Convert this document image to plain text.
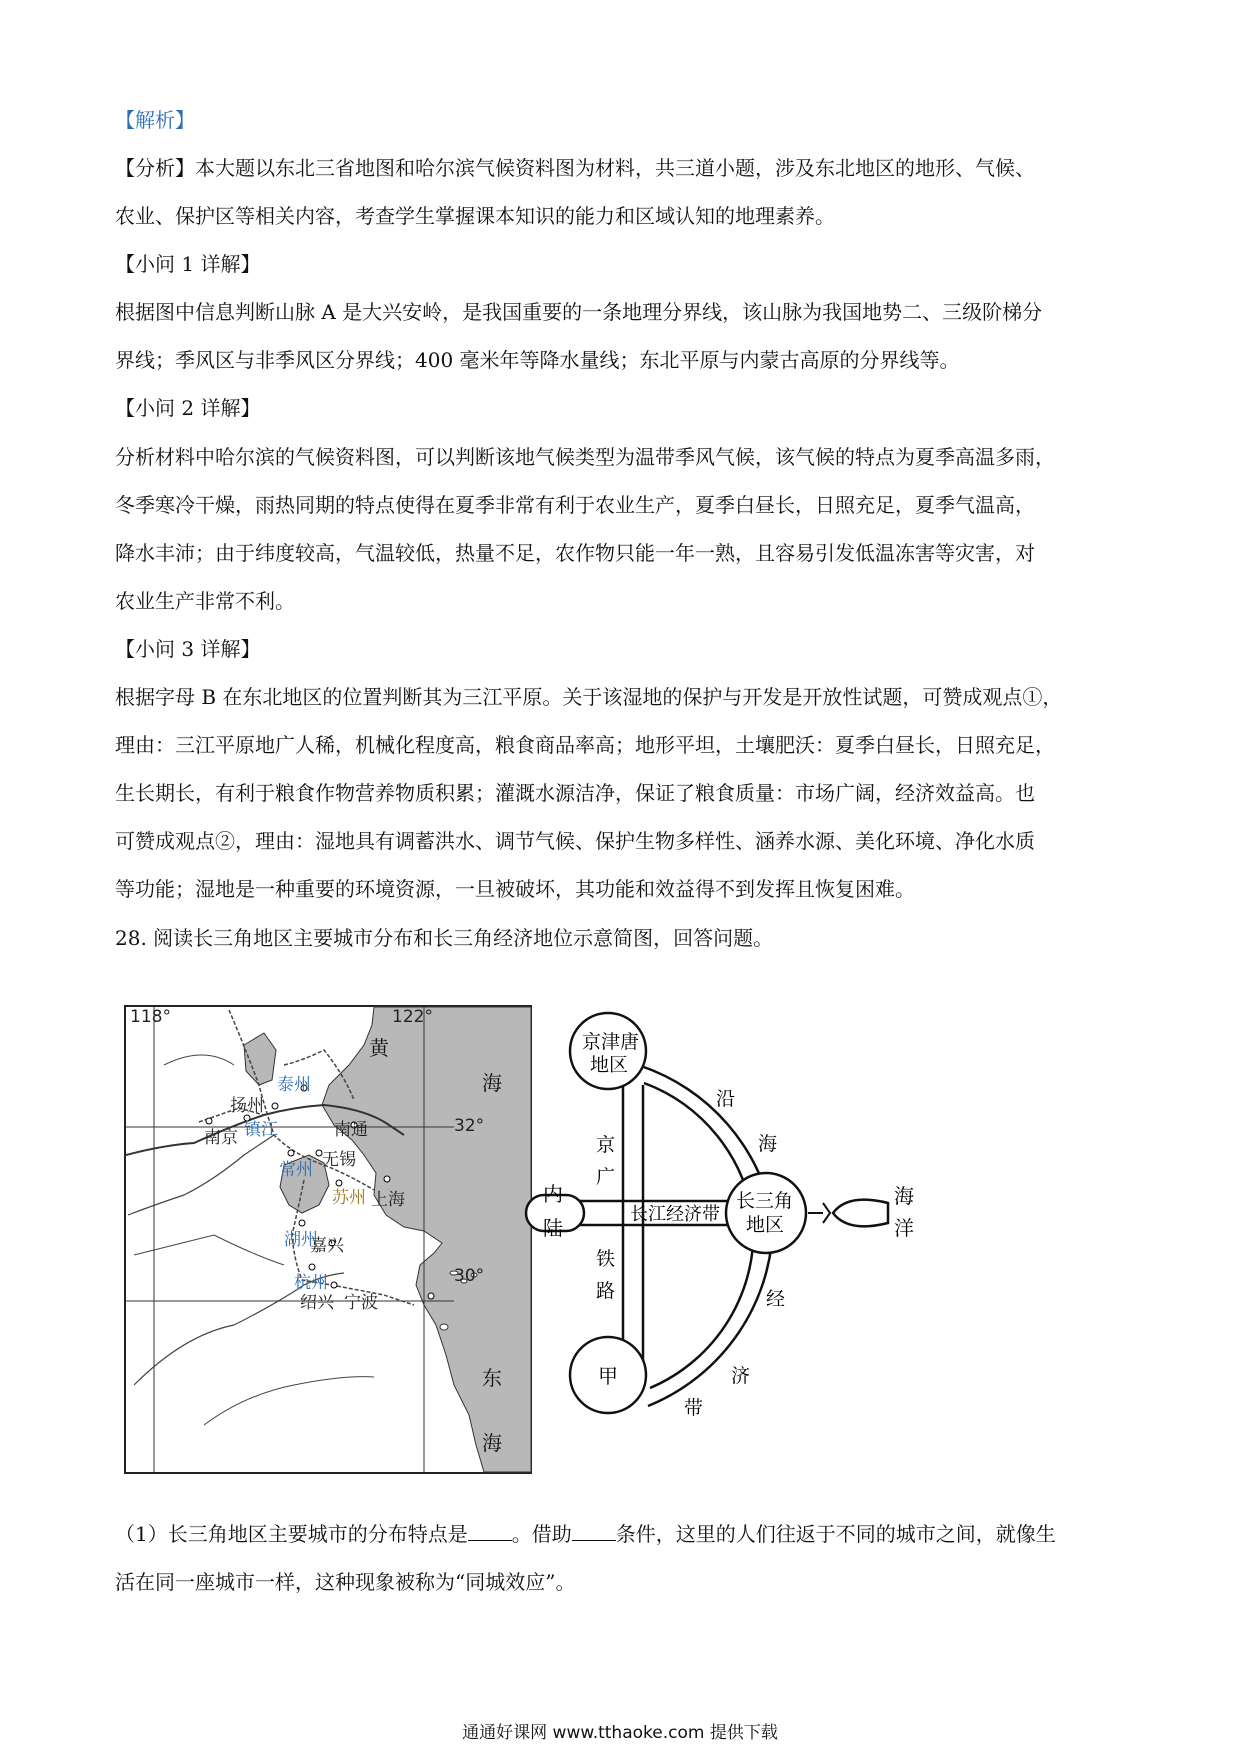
【解析】
【分析】本大题以东北三省地图和哈尔滨气候资料图为材料，共三道小题，涉及东北地区的地形、气候、
农业、保护区等相关内容，考查学生掌握课本知识的能力和区域认知的地理素养。
【小问 1 详解】
根据图中信息判断山脉 A 是大兴安岭，是我国重要的一条地理分界线，该山脉为我国地势二、三级阶梯分
界线；季风区与非季风区分界线；400 毫米年等降水量线；东北平原与内蒙古高原的分界线等。
【小问 2 详解】
分析材料中哈尔滨的气候资料图，可以判断该地气候类型为温带季风气候，该气候的特点为夏季高温多雨，
冬季寒冷干燥，雨热同期的特点使得在夏季非常有利于农业生产，夏季白昼长，日照充足，夏季气温高，
降水丰沛；由于纬度较高，气温较低，热量不足，农作物只能一年一熟，且容易引发低温冻害等灾害，对
农业生产非常不利。
【小问 3 详解】
根据字母 B 在东北地区的位置判断其为三江平原。关于该湿地的保护与开发是开放性试题，可赞成观点①，
理由：三江平原地广人稀，机械化程度高，粮食商品率高；地形平坦，土壤肥沃：夏季白昼长，日照充足，
生长期长，有利于粮食作物营养物质积累；灌溉水源洁净，保证了粮食质量：市场广阔，经济效益高。也
可赞成观点②，理由：湿地具有调蓄洪水、调节气候、保护生物多样性、涵养水源、美化环境、净化水质
等功能；湿地是一种重要的环境资源，一旦被破坏，其功能和效益得不到发挥且恢复困难。
28. 阅读长三角地区主要城市分布和长三角经济地位示意简图，回答问题。
118°	122°
32°
30°
黄
海
东
海
泰州
扬州
镇江
南京	南通
常州 无锡
苏州 上海
湖州
嘉兴
杭州
绍兴 宁波
京津唐
地区
甲
长三角
地区
内
陆
海
洋
京
广
铁
路
长江经济带
沿
海
经
济
带
（1）长三角地区主要城市的分布特点是 。借助 条件，这里的人们往返于不同的城市之间，就像生
活在同一座城市一样，这种现象被称为“同城效应”。
通通好课网 www.tthaoke.com 提供下载
